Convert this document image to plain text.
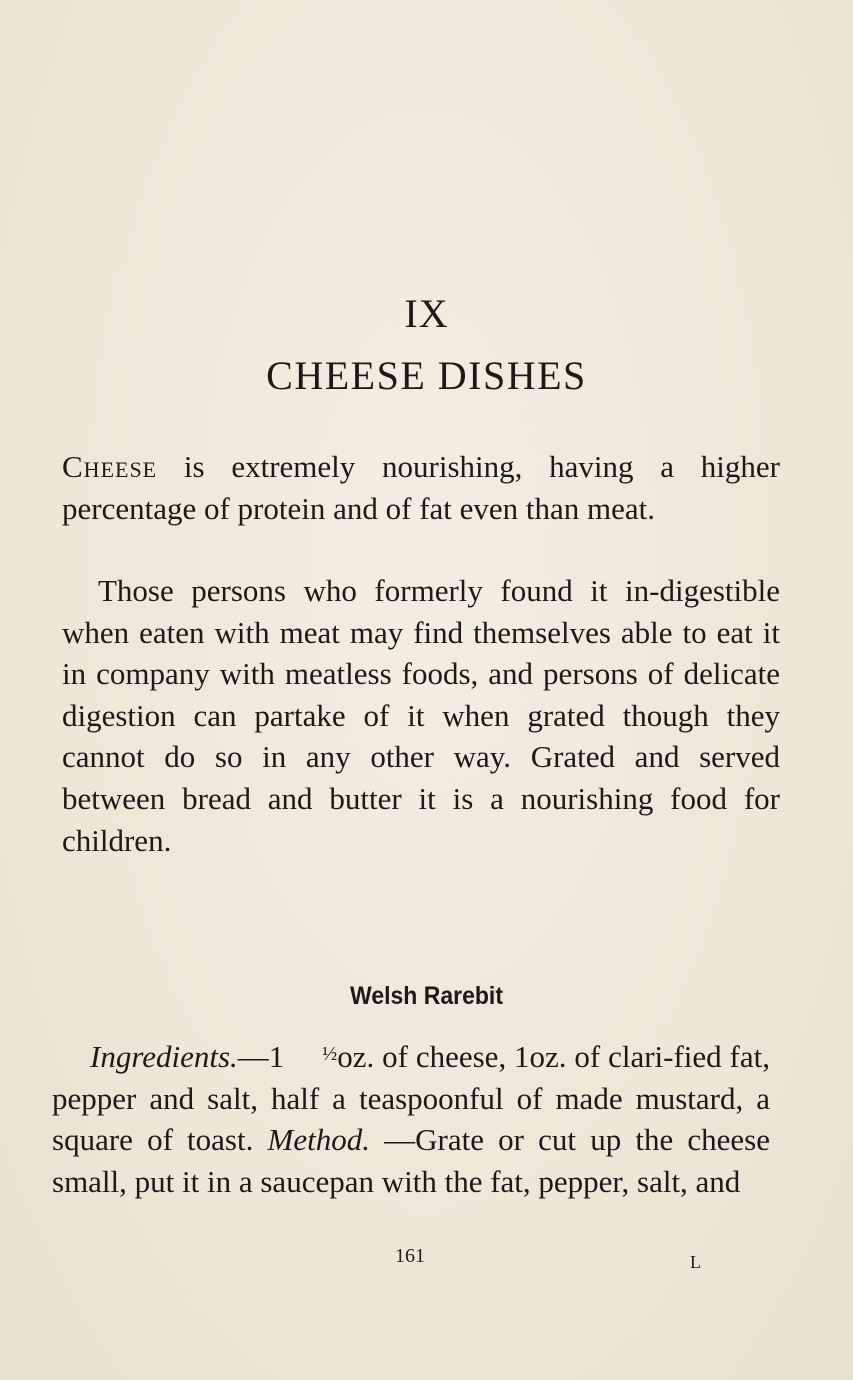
IX
CHEESE DISHES

Cheese is extremely nourishing, having a higher percentage of protein and of fat even than meat.

Those persons who formerly found it in-digestible when eaten with meat may find themselves able to eat it in company with meatless foods, and persons of delicate digestion can partake of it when grated though they cannot do so in any other way. Grated and served between bread and butter it is a nourishing food for children.

Welsh Rarebit

Ingredients.—1 ½oz. of cheese, 1oz. of clari-fied fat, pepper and salt, half a teaspoonful of made mustard, a square of toast. Method. —Grate or cut up the cheese small, put it in a saucepan with the fat, pepper, salt, and

161	L
